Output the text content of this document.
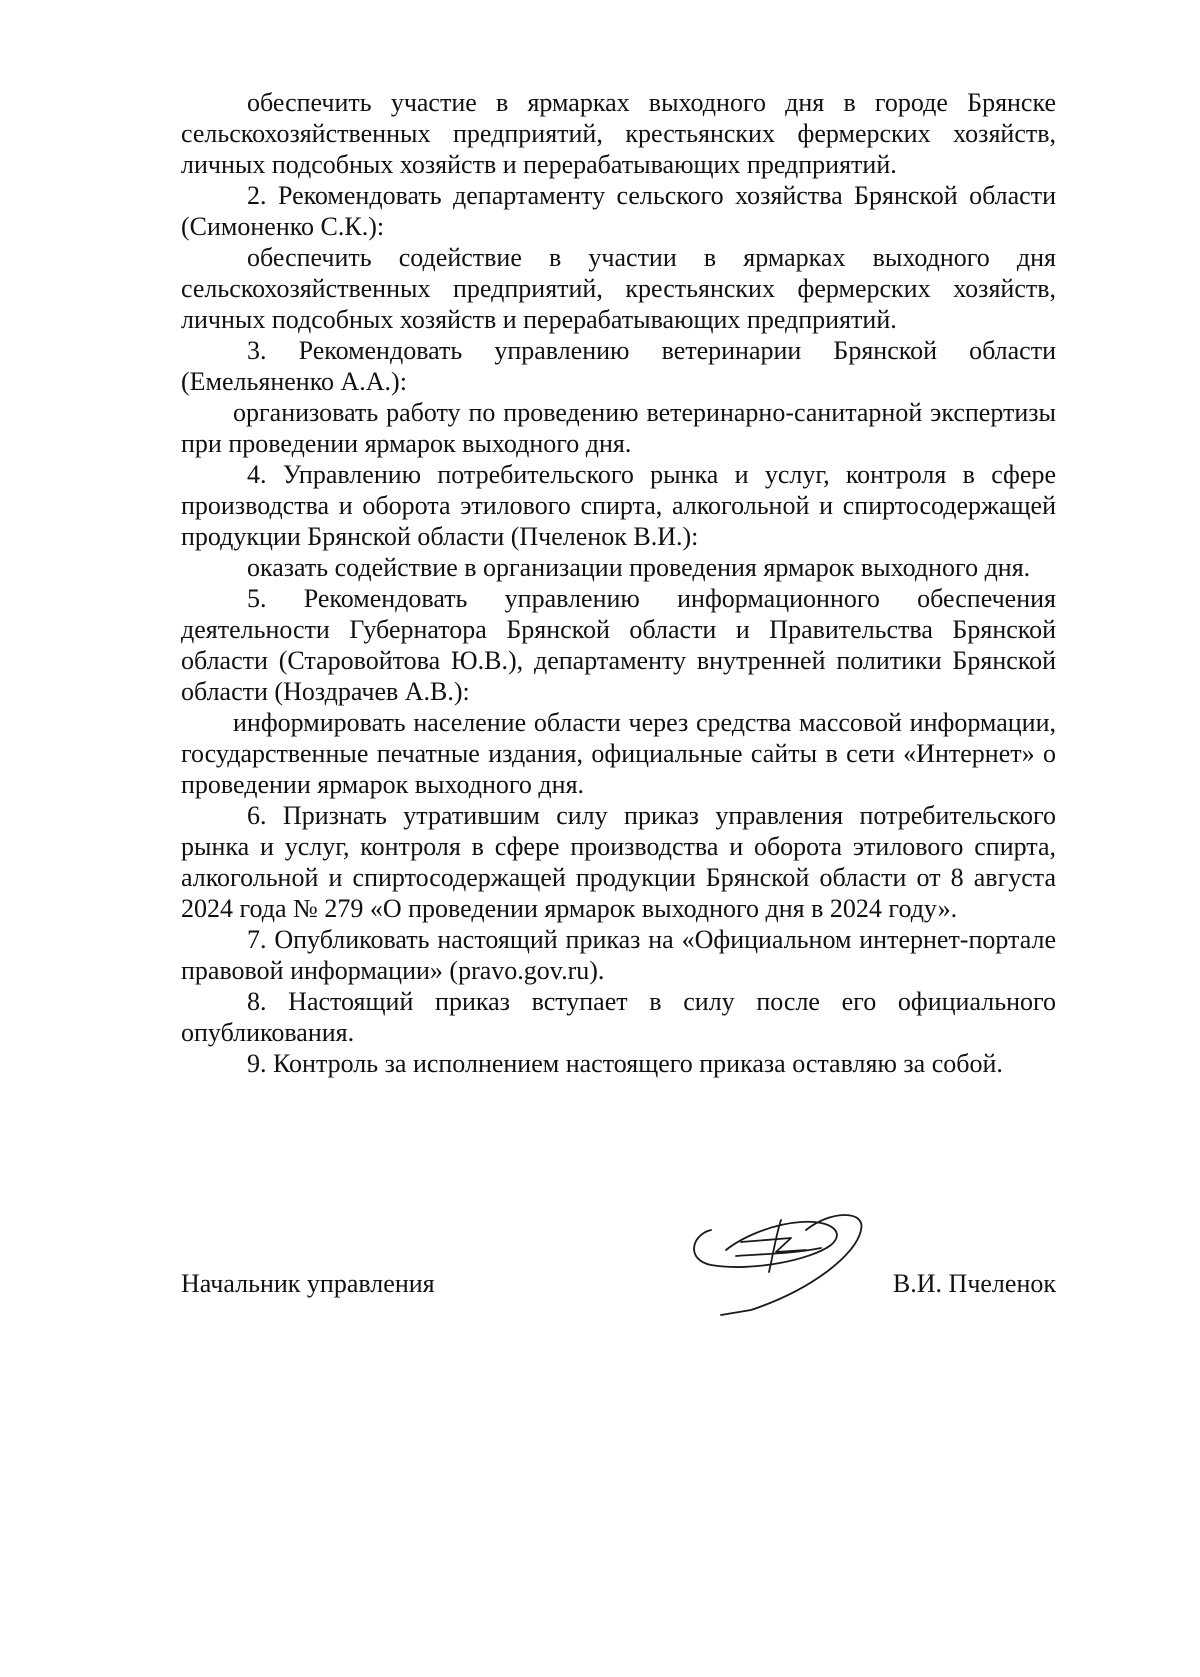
обеспечить участие в ярмарках выходного дня в городе Брянске сельскохозяйственных предприятий, крестьянских фермерских хозяйств, личных подсобных хозяйств и перерабатывающих предприятий.

2. Рекомендовать департаменту сельского хозяйства Брянской области (Симоненко С.К.):

обеспечить содействие в участии в ярмарках выходного дня сельскохозяйственных предприятий, крестьянских фермерских хозяйств, личных подсобных хозяйств и перерабатывающих предприятий.

3. Рекомендовать управлению ветеринарии Брянской области (Емельяненко А.А.):

организовать работу по проведению ветеринарно-санитарной экспертизы при проведении ярмарок выходного дня.

4. Управлению потребительского рынка и услуг, контроля в сфере производства и оборота этилового спирта, алкогольной и спиртосодержащей продукции Брянской области (Пчеленок В.И.):

оказать содействие в организации проведения ярмарок выходного дня.

5. Рекомендовать управлению информационного обеспечения деятельности Губернатора Брянской области и Правительства Брянской области (Старовойтова Ю.В.), департаменту внутренней политики Брянской области (Ноздрачев А.В.):

информировать население области через средства массовой информации, государственные печатные издания, официальные сайты в сети «Интернет» о проведении ярмарок выходного дня.

6. Признать утратившим силу приказ управления потребительского рынка и услуг, контроля в сфере производства и оборота этилового спирта, алкогольной и спиртосодержащей продукции Брянской области от 8 августа 2024 года № 279 «О проведении ярмарок выходного дня в 2024 году».

7. Опубликовать настоящий приказ на «Официальном интернет-портале правовой информации» (pravo.gov.ru).

8. Настоящий приказ вступает в силу после его официального опубликования.

9. Контроль за исполнением настоящего приказа оставляю за собой.

Начальник управления	В.И. Пчеленок
